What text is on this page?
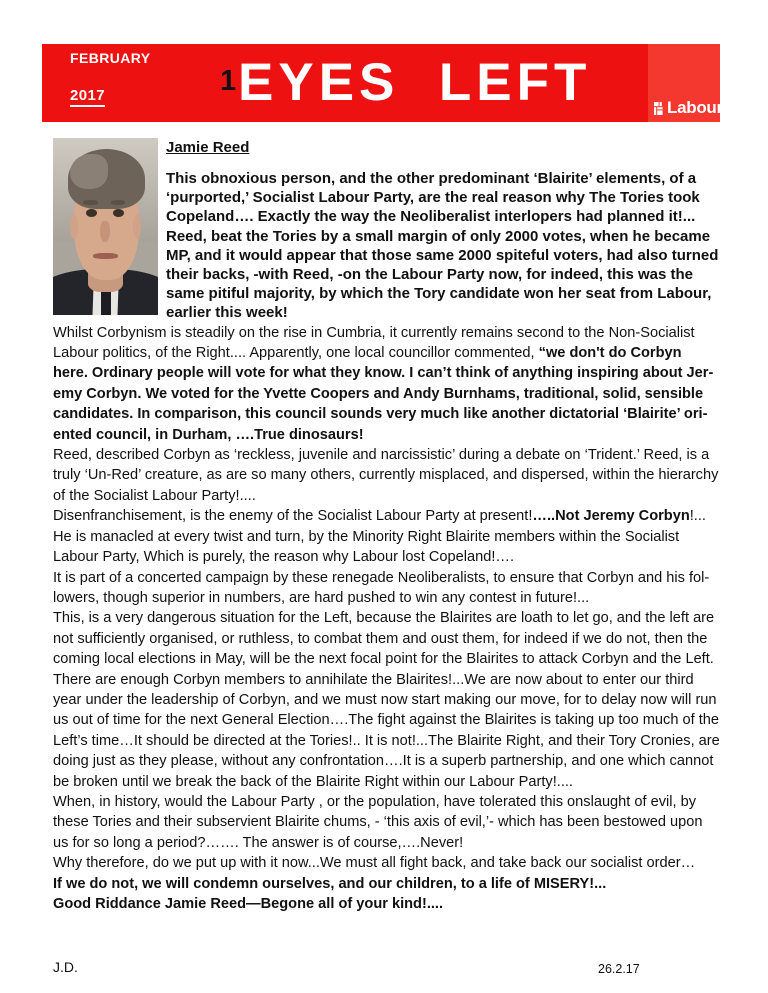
FEBRUARY
2017	1 EYES  LEFT	Labour

Jamie Reed

This obnoxious person, and the other predominant ‘Blairite’ elements, of a ‘purported,’ Socialist Labour Party, are the real reason why The Tories took Copeland…. Exactly the way the Neoliberalist interlopers had planned it!... Reed, beat the Tories by a small margin of only 2000 votes, when he became MP, and it would appear that those same 2000 spiteful voters, had also turned their backs, -with Reed, -on the Labour Party now, for indeed, this was the same pitiful majority, by which the Tory candidate won her seat from Labour, earlier this week!

Whilst Corbynism is steadily on the rise in Cumbria, it currently remains second to the Non-Socialist Labour politics, of the Right.... Apparently, one local councillor commented, “we don't do Corbyn here. Ordinary people will vote for what they know. I can’t think of anything inspiring about Jer-emy Corbyn. We voted for the Yvette Coopers and Andy Burnhams, traditional, solid, sensible candidates. In comparison, this council sounds very much like another dictatorial ‘Blairite’ ori-ented council, in Durham, ….True dinosaurs!

Reed, described Corbyn as ‘reckless, juvenile and narcissistic’ during a debate on ‘Trident.’ Reed, is a truly ‘Un-Red’ creature, as are so many others, currently misplaced, and dispersed, within the hierarchy of the Socialist Labour Party!....

Disenfranchisement, is the enemy of the Socialist Labour Party at present!…..Not Jeremy Corbyn!... He is manacled at every twist and turn, by the Minority Right Blairite members within the Socialist Labour Party, Which is purely, the reason why Labour lost Copeland!….

It is part of a concerted campaign by these renegade Neoliberalists, to ensure that Corbyn and his fol-lowers, though superior in numbers, are hard pushed to win any contest in future!...

This, is a very dangerous situation for the Left, because the Blairites are loath to let go, and the left are not sufficiently organised, or ruthless, to combat them and oust them, for indeed if we do not, then the coming local elections in May, will be the next focal point for the Blairites to attack Corbyn and the Left. There are enough Corbyn members to annihilate the Blairites!...We are now about to enter our third year under the leadership of Corbyn, and we must now start making our move, for to delay now will run us out of time for the next General Election….The fight against the Blairites is taking up too much of the Left’s time…It should be directed at the Tories!.. It is not!...The Blairite Right, and their Tory Cronies, are doing just as they please, without any confrontation….It is a superb partnership, and one which cannot be broken until we break the back of the Blairite Right within our Labour Party!....

When, in history, would the Labour Party , or the population, have tolerated this onslaught of evil, by these Tories and their subservient Blairite chums, - ‘this axis of evil,’- which has been bestowed upon us for so long a period?……. The answer is of course,….Never!

Why therefore, do we put up with it now...We must all fight back, and take back our socialist order…

If we do not, we will condemn ourselves, and our children, to a life of MISERY!...

Good Riddance Jamie Reed—Begone all of your kind!....

J.D.	26.2.17
